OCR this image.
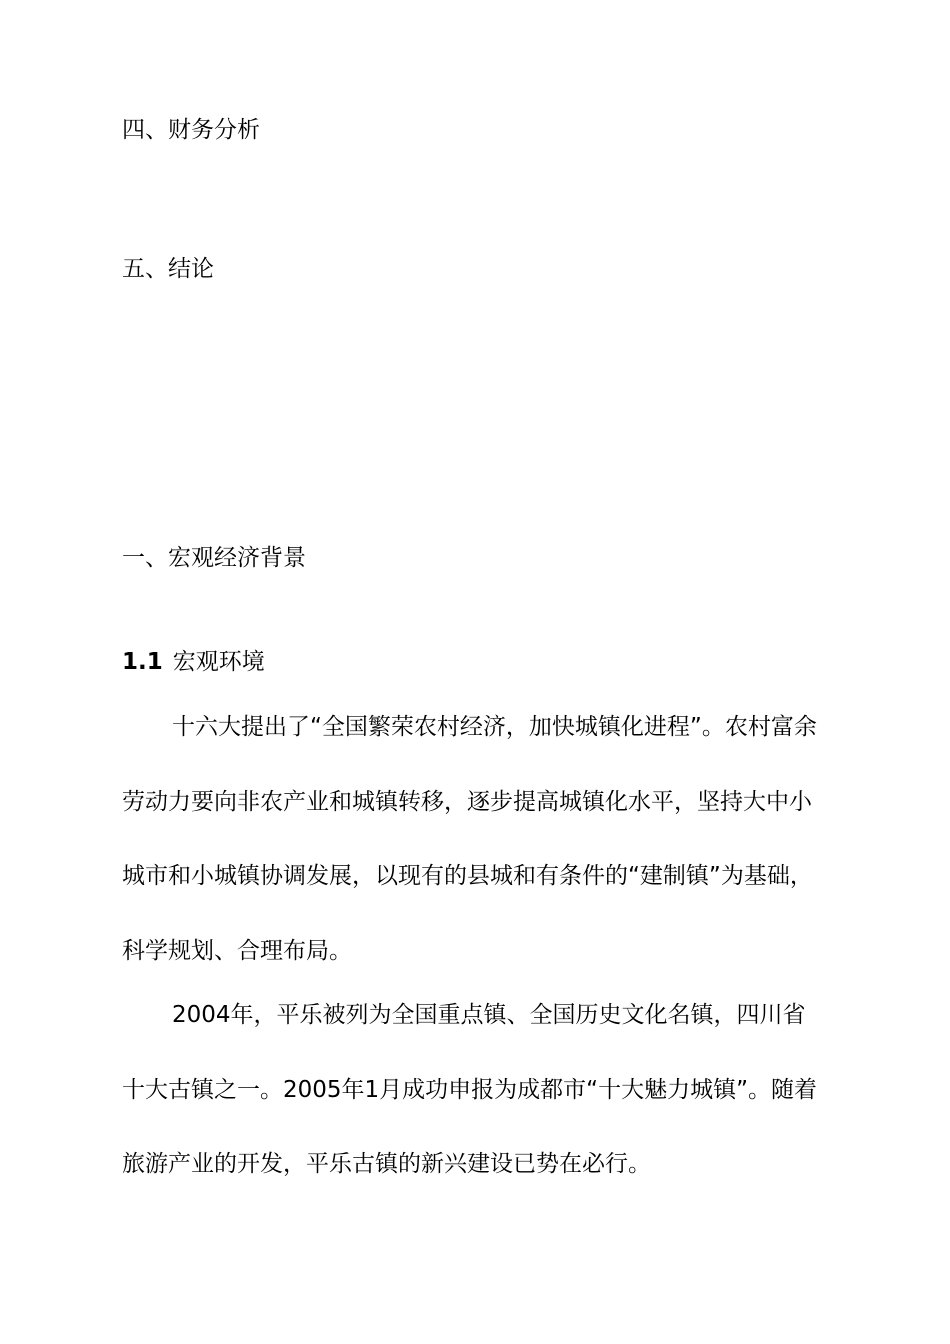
四、财务分析

五、结论

一、宏观经济背景
1.1 宏观环境

十六大提出了“全国繁荣农村经济，加快城镇化进程”。农村富余

劳动力要向非农产业和城镇转移，逐步提高城镇化水平，坚持大中小

城市和小城镇协调发展，以现有的县城和有条件的“建制镇”为基础，

科学规划、合理布局。

2004年，平乐被列为全国重点镇、全国历史文化名镇，四川省

十大古镇之一。2005年1月成功申报为成都市“十大魅力城镇”。随着

旅游产业的开发，平乐古镇的新兴建设已势在必行。
